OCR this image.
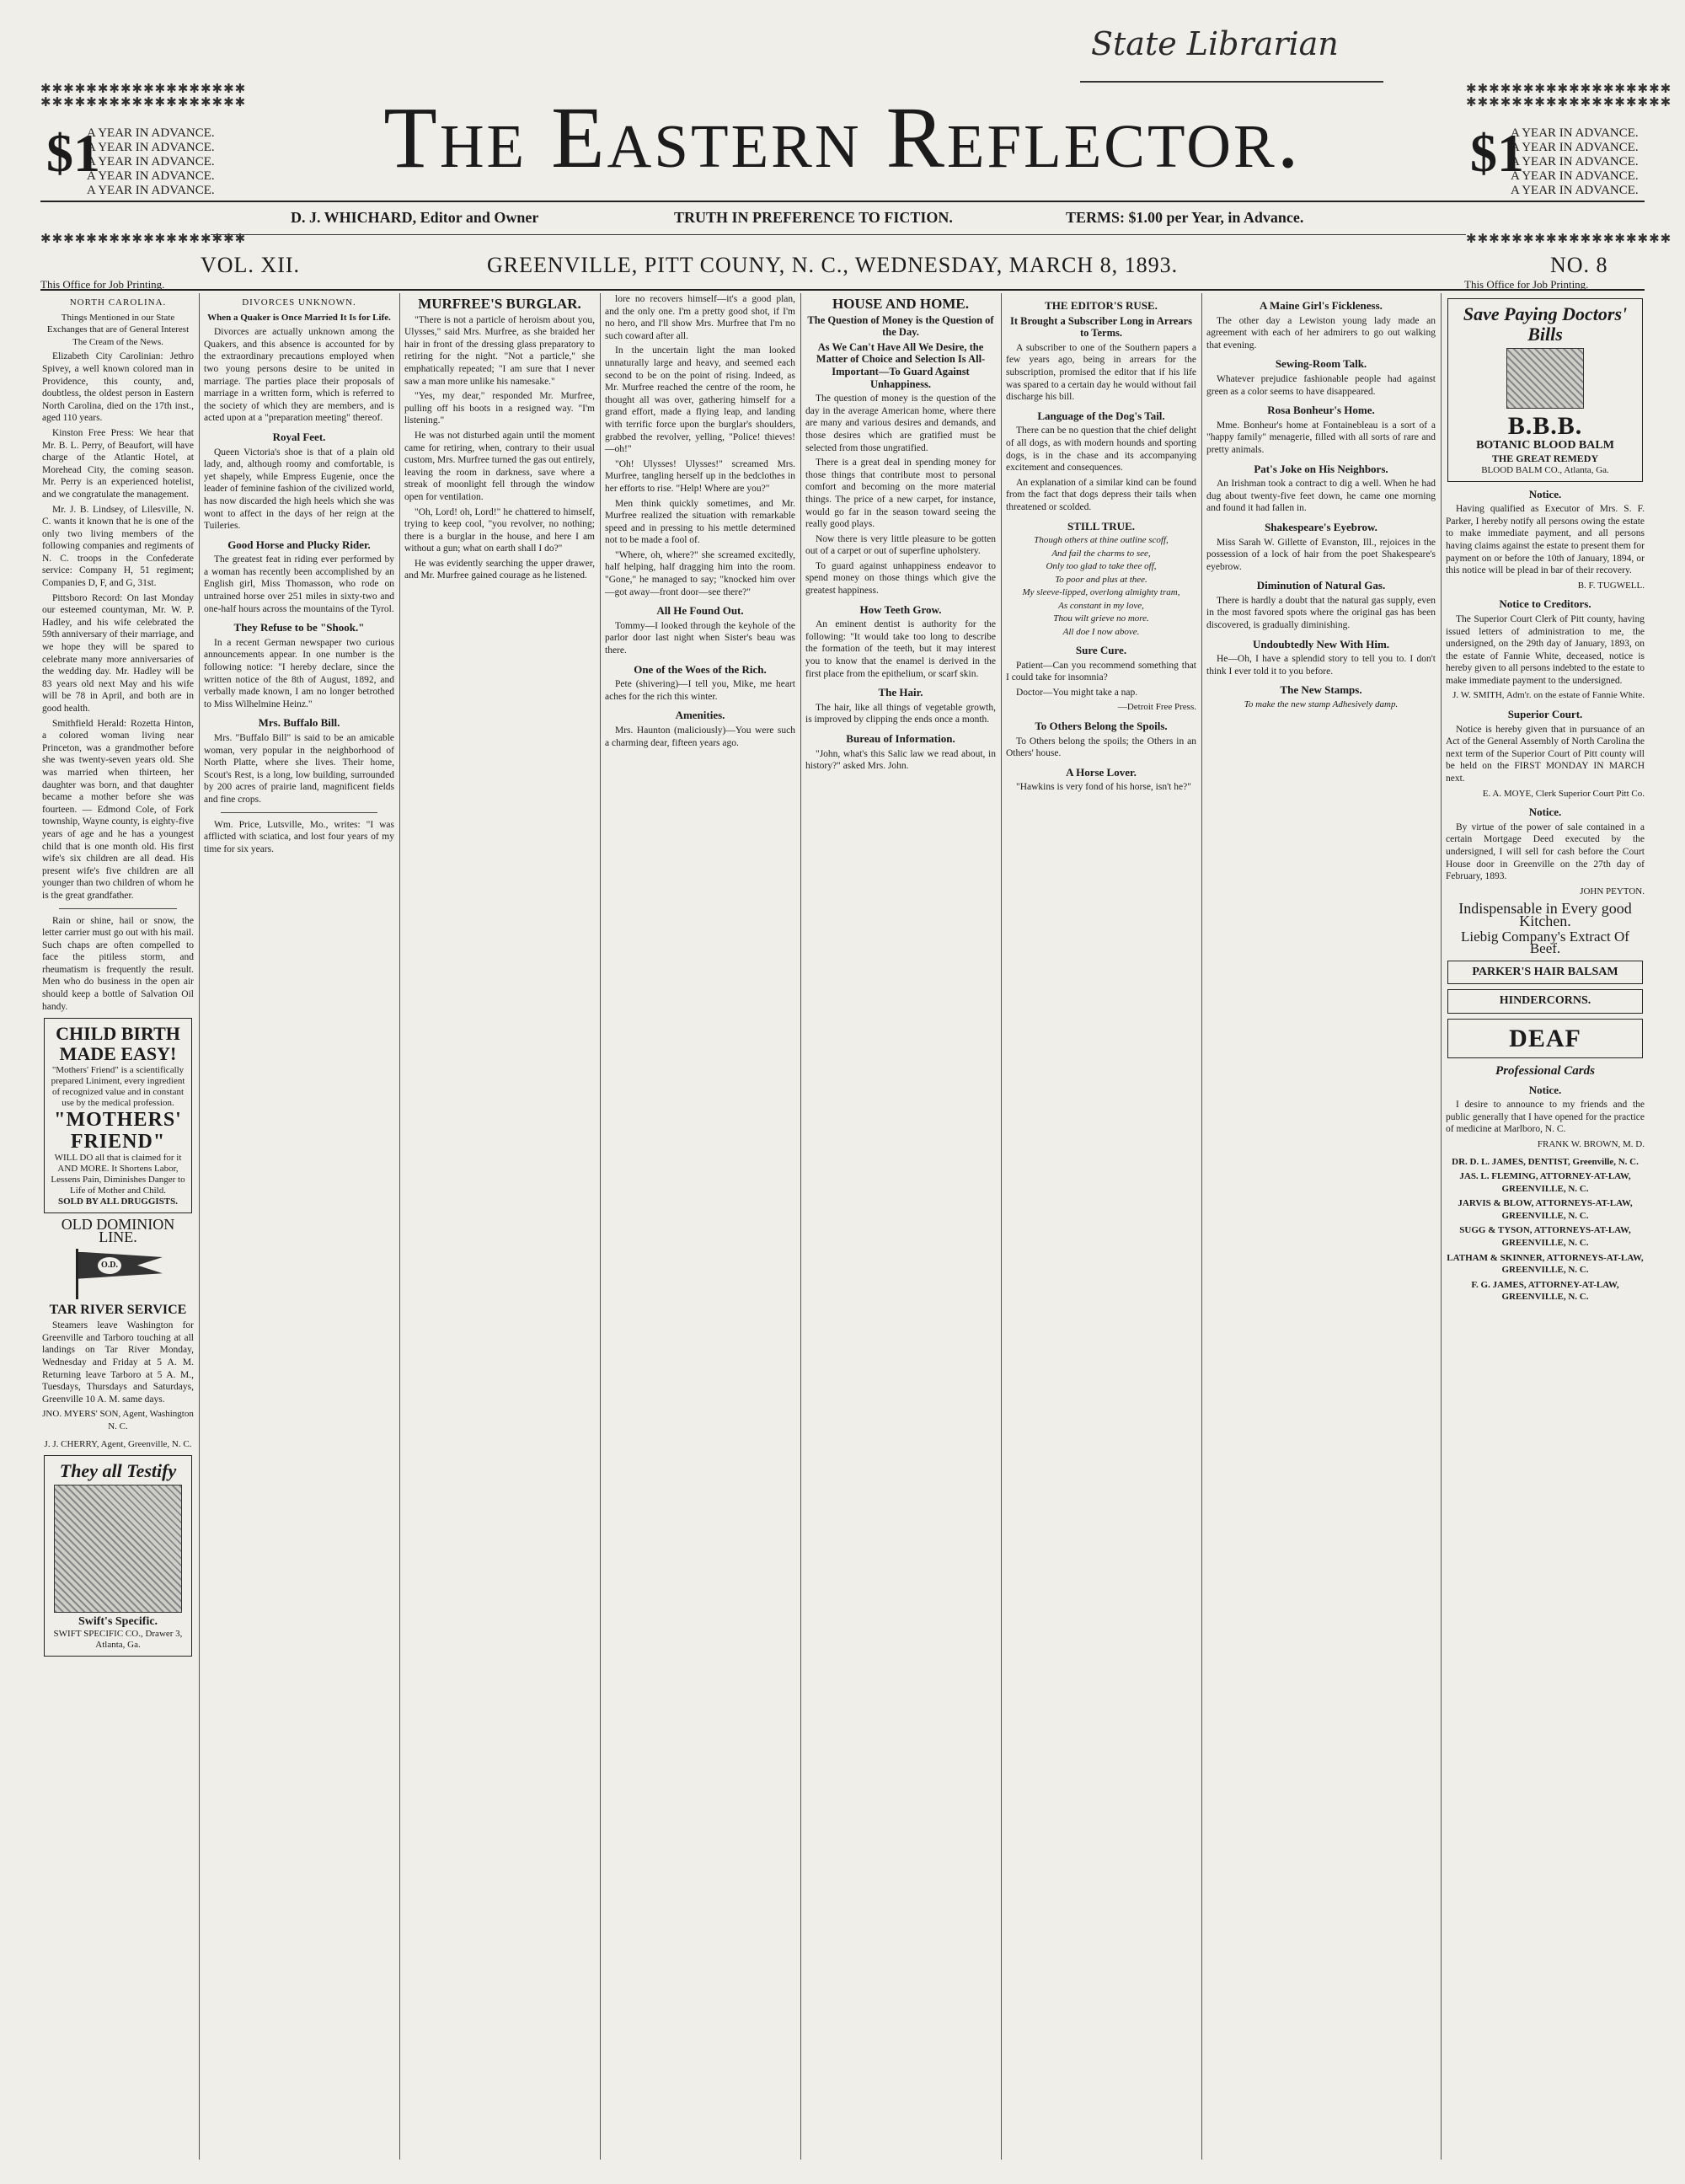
State Librarian
✱✱✱✱✱✱✱✱✱✱✱✱✱✱✱✱✱✱
✱✱✱✱✱✱✱✱✱✱✱✱✱✱✱✱✱✱
✱✱✱✱✱✱✱✱✱✱✱✱✱✱✱✱✱✱
✱✱✱✱✱✱✱✱✱✱✱✱✱✱✱✱✱✱
✱✱✱✱✱✱✱✱✱✱✱✱✱✱✱✱✱✱	✱✱✱✱✱✱✱✱✱✱✱✱✱✱✱✱✱✱
$1
A YEAR IN ADVANCE.
A YEAR IN ADVANCE.
A YEAR IN ADVANCE.
A YEAR IN ADVANCE.
A YEAR IN ADVANCE.
$1
A YEAR IN ADVANCE.
A YEAR IN ADVANCE.
A YEAR IN ADVANCE.
A YEAR IN ADVANCE.
A YEAR IN ADVANCE.
The Eastern Reflector.
D. J. WHICHARD, Editor and Owner	TRUTH IN PREFERENCE TO FICTION.	TERMS: $1.00 per Year, in Advance.
VOL. XII.	GREENVILLE, PITT COUNY, N. C., WEDNESDAY, MARCH 8, 1893.	NO. 8
This Office for Job Printing.	This Office for Job Printing.
NORTH CAROLINA.
Things Mentioned in our State Exchanges that are of General Interest The Cream of the News.

Elizabeth City Carolinian: Jethro Spivey, a well known colored man in Providence, this county, and, doubtless, the oldest person in Eastern North Carolina, died on the 17th inst., aged 110 years.

Kinston Free Press: We hear that Mr. B. L. Perry, of Beaufort, will have charge of the Atlantic Hotel, at Morehead City, the coming season. Mr. Perry is an experienced hotelist, and we congratulate the management.

Mr. J. B. Lindsey, of Lilesville, N. C. wants it known that he is one of the only two living members of the following companies and regiments of N. C. troops in the Confederate service: Company H, 51 regiment; Companies D, F, and G, 31st.

Pittsboro Record: On last Monday our esteemed countyman, Mr. W. P. Hadley, and his wife celebrated the 59th anniversary of their marriage, and we hope they will be spared to celebrate many more anniversaries of the wedding day. Mr. Hadley will be 83 years old next May and his wife will be 78 in April, and both are in good health.

Smithfield Herald: Rozetta Hinton, a colored woman living near Princeton, was a grandmother before she was twenty-seven years old. She was married when thirteen, her daughter was born, and that daughter became a mother before she was fourteen. — Edmond Cole, of Fork township, Wayne county, is eighty-five years of age and he has a youngest child that is one month old. His first wife's six children are all dead. His present wife's five children are all younger than two children of whom he is the great grandfather.

Rain or shine, hail or snow, the letter carrier must go out with his mail. Such chaps are often compelled to face the pitiless storm, and rheumatism is frequently the result. Men who do business in the open air should keep a bottle of Salvation Oil handy.

CHILD BIRTH MADE EASY!
"Mothers' Friend" is a scientifically prepared Liniment, every ingredient of recognized value and in constant use by the medical profession.
"MOTHERS' FRIEND"
WILL DO all that is claimed for it AND MORE. It Shortens Labor, Lessens Pain, Diminishes Danger to Life of Mother and Child.
SOLD BY ALL DRUGGISTS.
OLD DOMINION LINE.
O.D.
TAR RIVER SERVICE

Steamers leave Washington for Greenville and Tarboro touching at all landings on Tar River Monday, Wednesday and Friday at 5 A. M. Returning leave Tarboro at 5 A. M., Tuesdays, Thursdays and Saturdays, Greenville 10 A. M. same days.

JNO. MYERS' SON, Agent, Washington N. C.
J. J. CHERRY, Agent, Greenville, N. C.
They all Testify
Swift's Specific.
SWIFT SPECIFIC CO., Drawer 3, Atlanta, Ga.
DIVORCES UNKNOWN.
When a Quaker is Once Married It Is for Life.

Divorces are actually unknown among the Quakers, and this absence is accounted for by the extraordinary precautions employed when two young persons desire to be united in marriage. The parties place their proposals of marriage in a written form, which is referred to the society of which they are members, and is acted upon at a "preparation meeting" thereof.

Royal Feet.

Queen Victoria's shoe is that of a plain old lady, and, although roomy and comfortable, is yet shapely, while Empress Eugenie, once the leader of feminine fashion of the civilized world, has now discarded the high heels which she was wont to affect in the days of her reign at the Tuileries.

Good Horse and Plucky Rider.

The greatest feat in riding ever performed by a woman has recently been accomplished by an English girl, Miss Thomasson, who rode on untrained horse over 251 miles in sixty-two and one-half hours across the mountains of the Tyrol.

They Refuse to be "Shook."

In a recent German newspaper two curious announcements appear. In one number is the following notice: "I hereby declare, since the written notice of the 8th of August, 1892, and verbally made known, I am no longer betrothed to Miss Wilhelmine Heinz."

Mrs. Buffalo Bill.

Mrs. "Buffalo Bill" is said to be an amicable woman, very popular in the neighborhood of North Platte, where she lives. Their home, Scout's Rest, is a long, low building, surrounded by 200 acres of prairie land, magnificent fields and fine crops.

Wm. Price, Lutsville, Mo., writes: "I was afflicted with sciatica, and lost four years of my time for six years.

MURFREE'S BURGLAR.

"There is not a particle of heroism about you, Ulysses," said Mrs. Murfree, as she braided her hair in front of the dressing glass preparatory to retiring for the night. "Not a particle," she emphatically repeated; "I am sure that I never saw a man more unlike his namesake."

"Yes, my dear," responded Mr. Murfree, pulling off his boots in a resigned way. "I'm listening."

He was not disturbed again until the moment came for retiring, when, contrary to their usual custom, Mrs. Murfree turned the gas out entirely, leaving the room in darkness, save where a streak of moonlight fell through the window open for ventilation.

"Oh, Lord! oh, Lord!" he chattered to himself, trying to keep cool, "you revolver, no nothing; there is a burglar in the house, and here I am without a gun; what on earth shall I do?"

He was evidently searching the upper drawer, and Mr. Murfree gained courage as he listened.

lore no recovers himself—it's a good plan, and the only one. I'm a pretty good shot, if I'm no hero, and I'll show Mrs. Murfree that I'm no such coward after all.

In the uncertain light the man looked unnaturally large and heavy, and seemed each second to be on the point of rising. Indeed, as Mr. Murfree reached the centre of the room, he thought all was over, gathering himself for a grand effort, made a flying leap, and landing with terrific force upon the burglar's shoulders, grabbed the revolver, yelling, "Police! thieves!—oh!"

"Oh! Ulysses! Ulysses!" screamed Mrs. Murfree, tangling herself up in the bedclothes in her efforts to rise. "Help! Where are you?"

Men think quickly sometimes, and Mr. Murfree realized the situation with remarkable speed and in pressing to his mettle determined not to be made a fool of.

"Where, oh, where?" she screamed excitedly, half helping, half dragging him into the room. "Gone," he managed to say; "knocked him over—got away—front door—see there?"

All He Found Out.

Tommy—I looked through the keyhole of the parlor door last night when Sister's beau was there.

One of the Woes of the Rich.

Pete (shivering)—I tell you, Mike, me heart aches for the rich this winter.

Amenities.

Mrs. Haunton (maliciously)—You were such a charming dear, fifteen years ago.

HOUSE AND HOME.
The Question of Money is the Question of the Day.
As We Can't Have All We Desire, the Matter of Choice and Selection Is All-Important—To Guard Against Unhappiness.

The question of money is the question of the day in the average American home, where there are many and various desires and demands, and those desires which are gratified must be selected from those ungratified.

There is a great deal in spending money for those things that contribute most to personal comfort and becoming on the more material things. The price of a new carpet, for instance, would go far in the season toward seeing the really good plays.

Now there is very little pleasure to be gotten out of a carpet or out of superfine upholstery.

To guard against unhappiness endeavor to spend money on those things which give the greatest happiness.

How Teeth Grow.

An eminent dentist is authority for the following: "It would take too long to describe the formation of the teeth, but it may interest you to know that the enamel is derived in the first place from the epithelium, or scarf skin.

The Hair.

The hair, like all things of vegetable growth, is improved by clipping the ends once a month.

Bureau of Information.

"John, what's this Salic law we read about, in history?" asked Mrs. John.

THE EDITOR'S RUSE.
It Brought a Subscriber Long in Arrears to Terms.

A subscriber to one of the Southern papers a few years ago, being in arrears for the subscription, promised the editor that if his life was spared to a certain day he would without fail discharge his bill.

Language of the Dog's Tail.

There can be no question that the chief delight of all dogs, as with modern hounds and sporting dogs, is in the chase and its accompanying excitement and consequences.

An explanation of a similar kind can be found from the fact that dogs depress their tails when threatened or scolded.

STILL TRUE.
Though others at thine outline scoff,
And fail the charms to see,
Only too glad to take thee off,
To poor and plus at thee.
My sleeve-lipped, overlong almighty tram,
As constant in my love,
Thou wilt grieve no more.
All doe I now above.
Sure Cure.

Patient—Can you recommend something that I could take for insomnia?

Doctor—You might take a nap.

—Detroit Free Press.
To Others Belong the Spoils.

To Others belong the spoils; the Others in an Others' house.

A Horse Lover.

"Hawkins is very fond of his horse, isn't he?"

A Maine Girl's Fickleness.

The other day a Lewiston young lady made an agreement with each of her admirers to go out walking that evening.

Sewing-Room Talk.

Whatever prejudice fashionable people had against green as a color seems to have disappeared.

Rosa Bonheur's Home.

Mme. Bonheur's home at Fontainebleau is a sort of a "happy family" menagerie, filled with all sorts of rare and pretty animals.

Pat's Joke on His Neighbors.

An Irishman took a contract to dig a well. When he had dug about twenty-five feet down, he came one morning and found it had fallen in.

Shakespeare's Eyebrow.

Miss Sarah W. Gillette of Evanston, Ill., rejoices in the possession of a lock of hair from the poet Shakespeare's eyebrow.

Diminution of Natural Gas.

There is hardly a doubt that the natural gas supply, even in the most favored spots where the original gas has been discovered, is gradually diminishing.

Undoubtedly New With Him.

He—Oh, I have a splendid story to tell you to. I don't think I ever told it to you before.

The New Stamps.
To make the new stamp Adhesively damp.
Save Paying Doctors' Bills
B.B.B.
BOTANIC BLOOD BALM
THE GREAT REMEDY
BLOOD BALM CO., Atlanta, Ga.
Notice.

Having qualified as Executor of Mrs. S. F. Parker, I hereby notify all persons owing the estate to make immediate payment, and all persons having claims against the estate to present them for payment on or before the 10th of January, 1894, or this notice will be plead in bar of their recovery.

B. F. TUGWELL.
Notice to Creditors.

The Superior Court Clerk of Pitt county, having issued letters of administration to me, the undersigned, on the 29th day of January, 1893, on the estate of Fannie White, deceased, notice is hereby given to all persons indebted to the estate to make immediate payment to the undersigned.

J. W. SMITH, Adm'r. on the estate of Fannie White.
Superior Court.

Notice is hereby given that in pursuance of an Act of the General Assembly of North Carolina the next term of the Superior Court of Pitt county will be held on the FIRST MONDAY IN MARCH next.

E. A. MOYE, Clerk Superior Court Pitt Co.
Notice.

By virtue of the power of sale contained in a certain Mortgage Deed executed by the undersigned, I will sell for cash before the Court House door in Greenville on the 27th day of February, 1893.

JOHN PEYTON.
Indispensable in Every good Kitchen.
Liebig Company's Extract Of Beef.
PARKER'S HAIR BALSAM
HINDERCORNS.
DEAF
Professional Cards
Notice.

I desire to announce to my friends and the public generally that I have opened for the practice of medicine at Marlboro, N. C.

FRANK W. BROWN, M. D.
DR. D. L. JAMES, DENTIST, Greenville, N. C.
JAS. L. FLEMING, ATTORNEY-AT-LAW, GREENVILLE, N. C.
JARVIS & BLOW, ATTORNEYS-AT-LAW, GREENVILLE, N. C.
SUGG & TYSON, ATTORNEYS-AT-LAW, GREENVILLE, N. C.
LATHAM & SKINNER, ATTORNEYS-AT-LAW, GREENVILLE, N. C.
F. G. JAMES, ATTORNEY-AT-LAW, GREENVILLE, N. C.
